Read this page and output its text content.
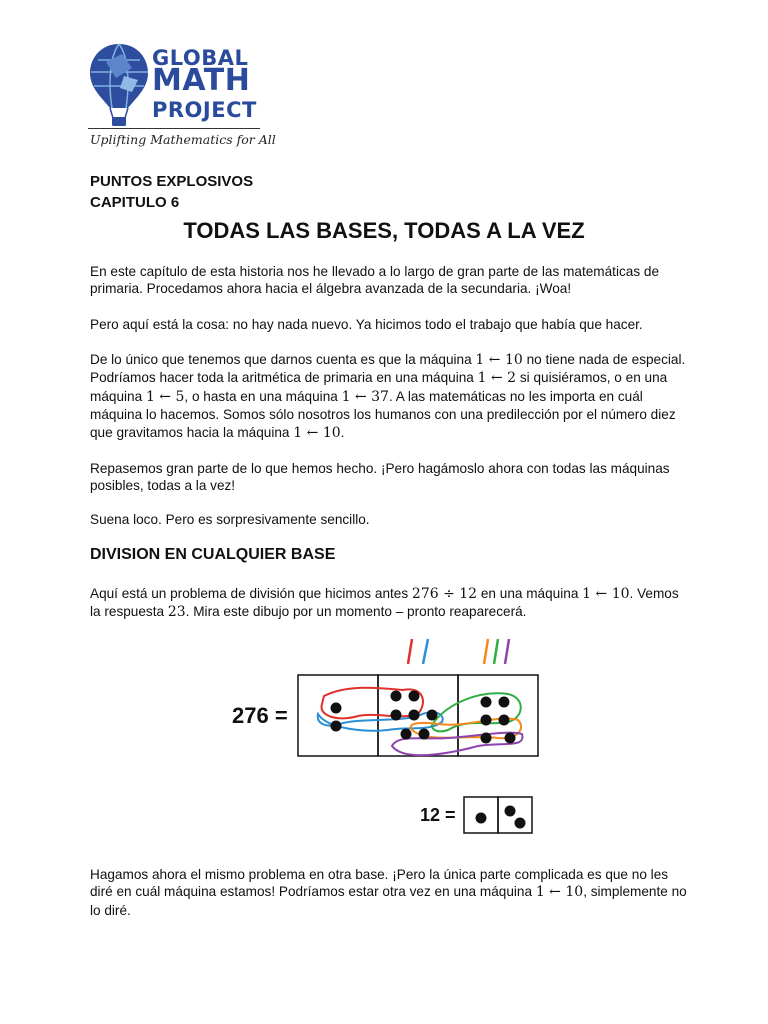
GLOBAL
MATH
PROJECT
Uplifting Mathematics for All
PUNTOS EXPLOSIVOS
CAPITULO 6
TODAS LAS BASES, TODAS A LA VEZ
En este capítulo de esta historia nos he llevado a lo largo de gran parte de las matemáticas de primaria. Procedamos ahora hacia el álgebra avanzada de la secundaria. ¡Woa!
Pero aquí está la cosa: no hay nada nuevo. Ya hicimos todo el trabajo que había que hacer.
De lo único que tenemos que darnos cuenta es que la máquina 1 ← 10 no tiene nada de especial. Podríamos hacer toda la aritmética de primaria en una máquina 1 ← 2 si quisiéramos, o en una máquina 1 ← 5, o hasta en una máquina 1 ← 37. A las matemáticas no les importa en cuál máquina lo hacemos. Somos sólo nosotros los humanos con una predilección por el número diez que gravitamos hacia la máquina 1 ← 10.
Repasemos gran parte de lo que hemos hecho. ¡Pero hagámoslo ahora con todas las máquinas posibles, todas a la vez!
Suena loco. Pero es sorpresivamente sencillo.
DIVISION EN CUALQUIER BASE
Aquí está un problema de división que hicimos antes 276 ÷ 12 en una máquina 1 ← 10. Vemos la respuesta 23. Mira este dibujo por un momento – pronto reaparecerá.
276 =
12 =
Hagamos ahora el mismo problema en otra base. ¡Pero la única parte complicada es que no les diré en cuál máquina estamos! Podríamos estar otra vez en una máquina 1 ← 10, simplemente no lo diré.
